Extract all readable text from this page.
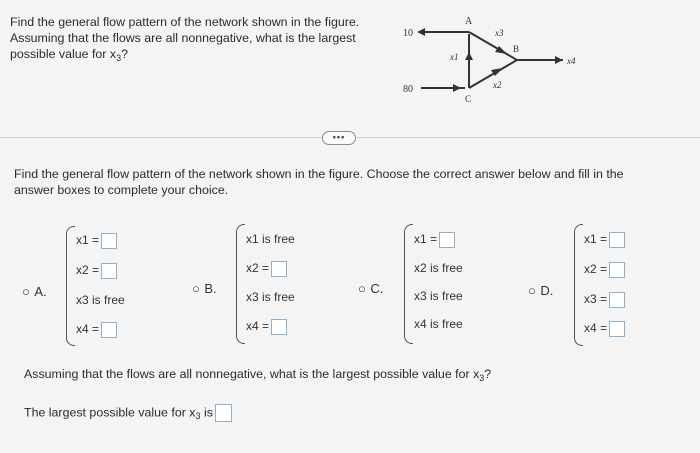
Find the general flow pattern of the network shown in the figure.
Assuming that the flows are all nonnegative, what is the largest
possible value for $x_3$?
10
80
A
B
C
x1
x3
x2
x4
•••
Find the general flow pattern of the network shown in the figure. Choose the correct answer below and fill in the
answer boxes to complete your choice.
○ A.
x1 =
x2 =
x3 is free
x4 =
○ B.
x1 is free
x2 =
x3 is free
x4 =
○ C.
x1 =
x2 is free
x3 is free
x4 is free
○ D.
x1 =
x2 =
x3 =
x4 =
Assuming that the flows are all nonnegative, what is the largest possible value for $x_3$?
The largest possible value for $x_3$ is
